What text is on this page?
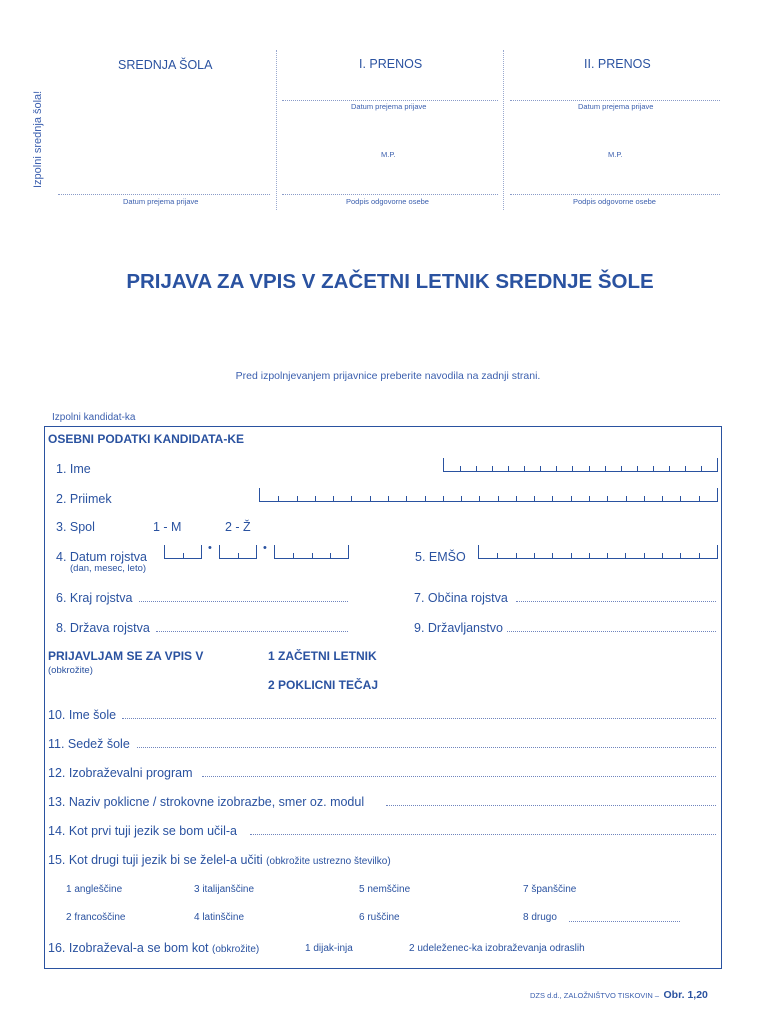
Izpolni srednja šola!
SREDNJA ŠOLA
Datum prejema prijave
I. PRENOS
Datum prejema prijave
M.P.
Podpis odgovorne osebe
II. PRENOS
Datum prejema prijave
M.P.
Podpis odgovorne osebe
PRIJAVA ZA VPIS V ZAČETNI LETNIK SREDNJE ŠOLE
Pred izpolnjevanjem prijavnice preberite navodila na zadnji strani.
Izpolni kandidat-ka
OSEBNI PODATKI KANDIDATA-KE
1. Ime
2. Priimek
3. Spol	1 - M	2 - Ž
4. Datum rojstva
(dan, mesec, leto)
•	•
5. EMŠO
6. Kraj rojstva	7. Občina rojstva
8. Država rojstva	9. Državljanstvo
PRIJAVLJAM SE ZA VPIS V
(obkrožite)
1 ZAČETNI LETNIK
2 POKLICNI TEČAJ
10. Ime šole
11. Sedež šole
12. Izobraževalni program
13. Naziv poklicne / strokovne izobrazbe, smer oz. modul
14. Kot prvi tuji jezik se bom učil-a
15. Kot drugi tuji jezik bi se želel-a učiti (obkrožite ustrezno številko)
1 angleščine	3 italijanščine	5 nemščine	7 španščine
2 francoščine	4 latinščine	6 ruščine	8 drugo
16. Izobraževal-a se bom kot (obkrožite)	1 dijak-inja	2 udeleženec-ka izobraževanja odraslih
DZS d.d., ZALOŽNIŠTVO TISKOVIN – Obr. 1,20
